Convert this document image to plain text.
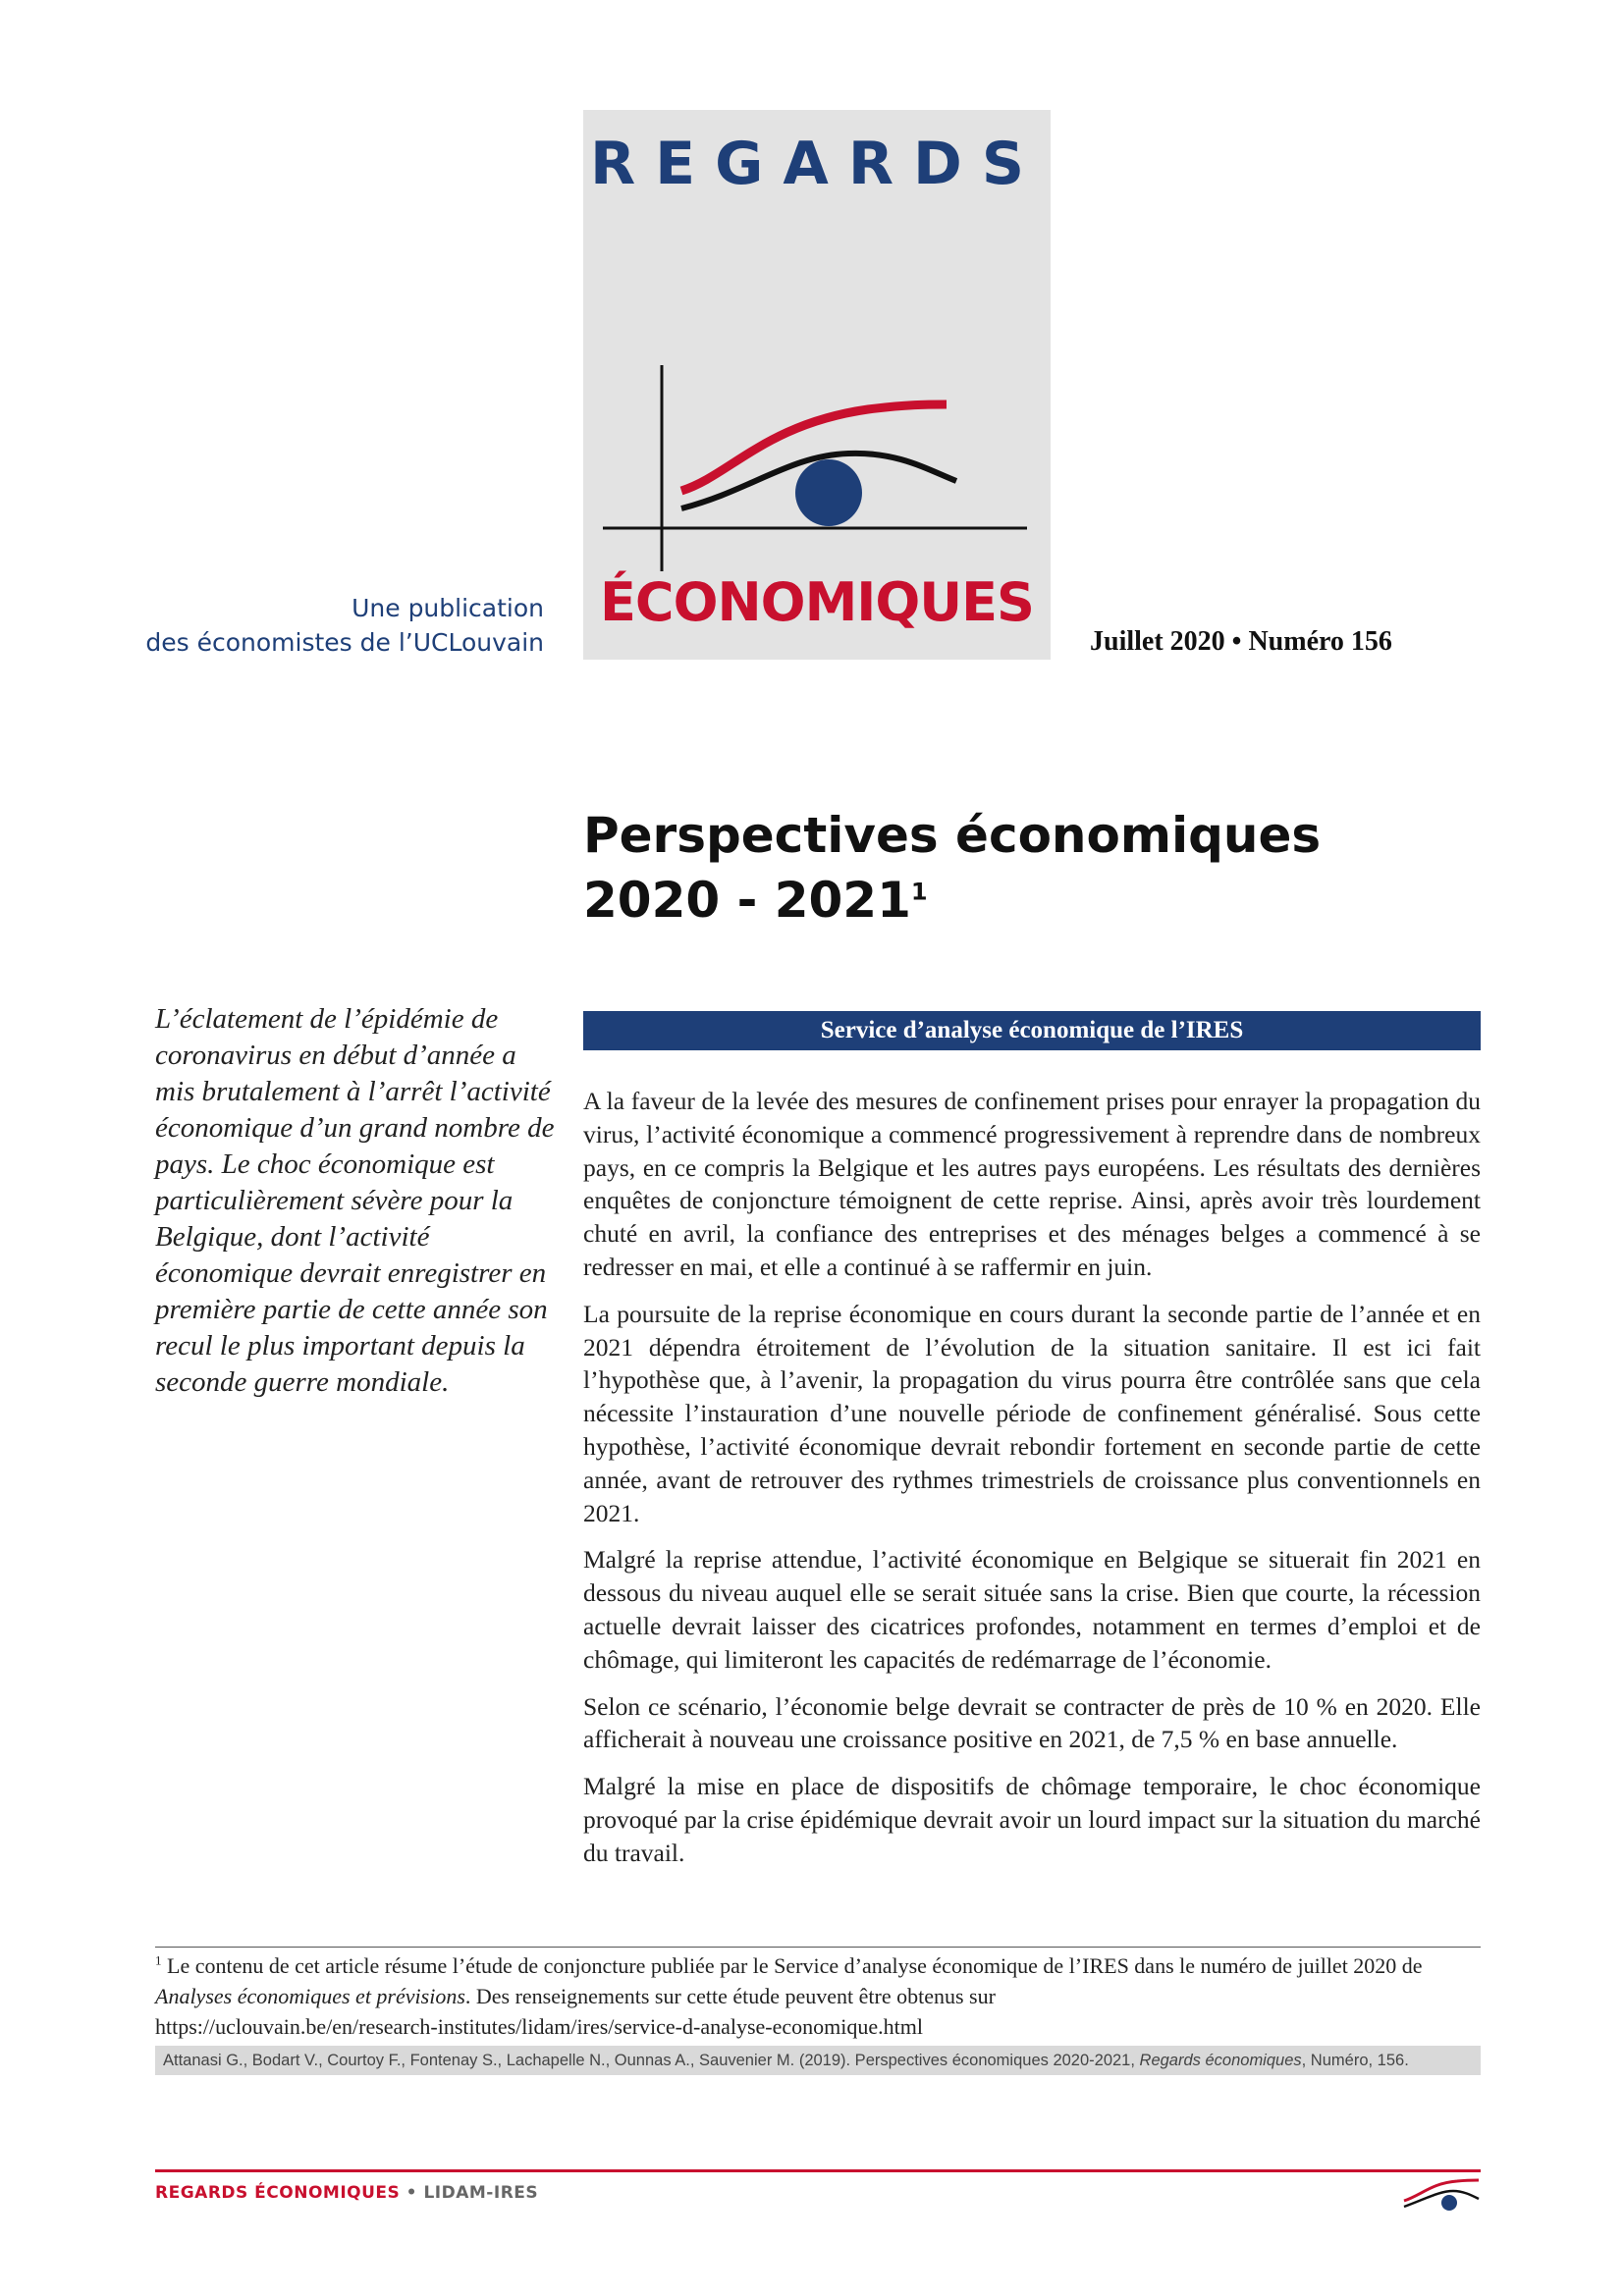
REGARDS
ÉCONOMIQUES
Une publication
des économistes de l’UCLouvain	Juillet 2020 • Numéro 156
Perspectives économiques
2020 - 2021$^1$
L’éclatement de l’épidémie de coronavirus en début d’année a mis brutalement à l’arrêt l’activité économique d’un grand nombre de pays. Le choc économique est particulièrement sévère pour la Belgique, dont l’activité économique devrait enregistrer en première partie de cette année son recul le plus important depuis la seconde guerre mondiale.
Service d’analyse économique de l’IRES

A la faveur de la levée des mesures de confinement prises pour enrayer la propagation du virus, l’activité économique a commencé progressivement à reprendre dans de nombreux pays, en ce compris la Belgique et les autres pays européens. Les résultats des dernières enquêtes de conjoncture témoignent de cette reprise. Ainsi, après avoir très lourdement chuté en avril, la confiance des entreprises et des ménages belges a commencé à se redresser en mai, et elle a continué à se raffermir en juin.

La poursuite de la reprise économique en cours durant la seconde partie de l’année et en 2021 dépendra étroitement de l’évolution de la situation sanitaire. Il est ici fait l’hypothèse que, à l’avenir, la propagation du virus pourra être contrôlée sans que cela nécessite l’instauration d’une nouvelle période de confinement généralisé. Sous cette hypothèse, l’activité économique devrait rebondir fortement en seconde partie de cette année, avant de retrouver des rythmes trimestriels de croissance plus conventionnels en 2021.

Malgré la reprise attendue, l’activité économique en Belgique se situerait fin 2021 en dessous du niveau auquel elle se serait située sans la crise. Bien que courte, la récession actuelle devrait laisser des cicatrices profondes, notamment en termes d’emploi et de chômage, qui limiteront les capacités de redémarrage de l’économie.

Selon ce scénario, l’économie belge devrait se contracter de près de 10 % en 2020. Elle afficherait à nouveau une croissance positive en 2021, de 7,5 % en base annuelle.

Malgré la mise en place de dispositifs de chômage temporaire, le choc économique provoqué par la crise épidémique devrait avoir un lourd impact sur la situation du marché du travail.

$^1$ Le contenu de cet article résume l’étude de conjoncture publiée par le Service d’analyse économique de l’IRES dans le numéro de juillet 2020 de Analyses économiques et prévisions. Des renseignements sur cette étude peuvent être obtenus sur
https://uclouvain.be/en/research-institutes/lidam/ires/service-d-analyse-economique.html
Attanasi G., Bodart V., Courtoy F., Fontenay S., Lachapelle N., Ounnas A., Sauvenier M. (2019). Perspectives économiques 2020-2021, Regards économiques, Numéro, 156.
REGARDS ÉCONOMIQUES • LIDAM-IRES
